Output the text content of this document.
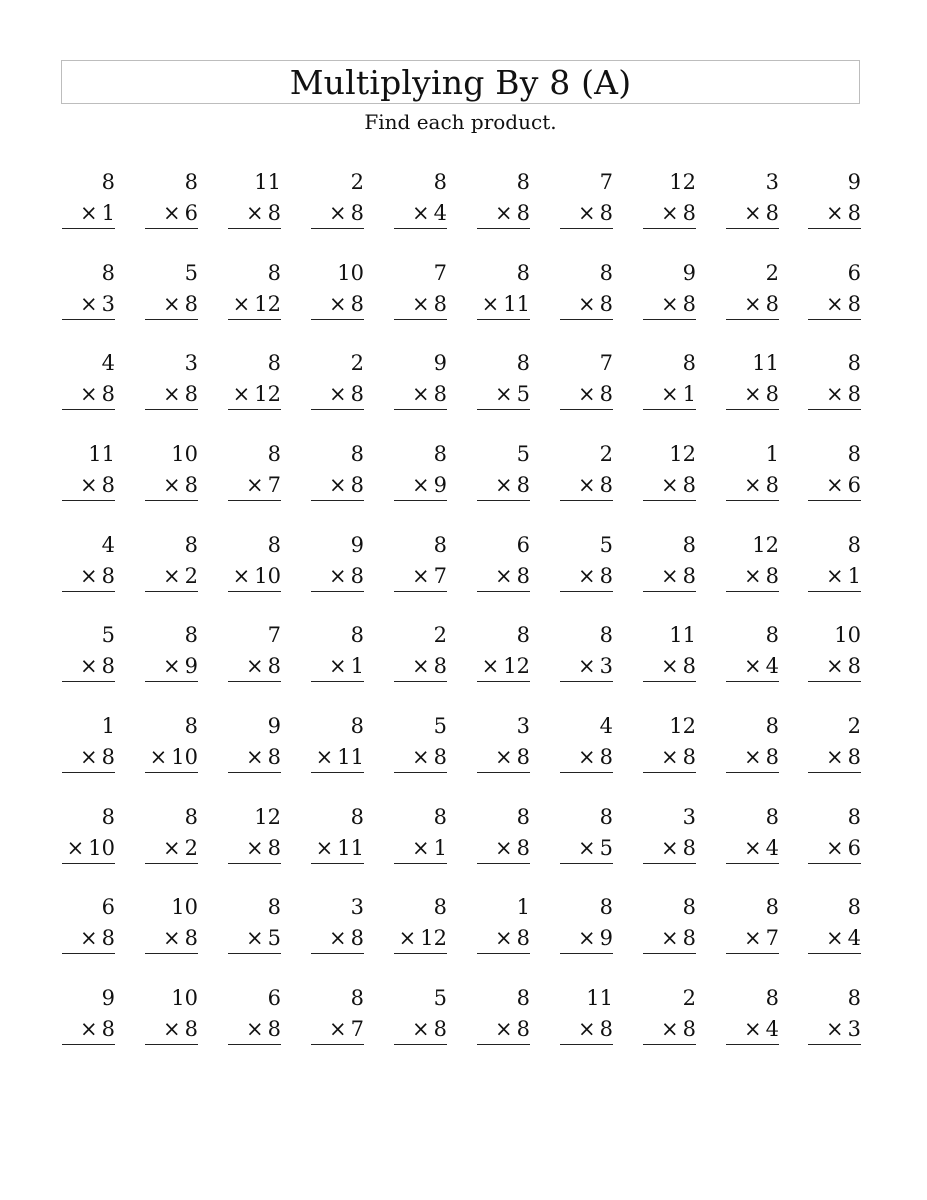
Multiplying By 8 (A)
Find each product.
8
× 1
8
× 6
11
× 8
2
× 8
8
× 4
8
× 8
7
× 8
12
× 8
3
× 8
9
× 8
8
× 3
5
× 8
8
× 12
10
× 8
7
× 8
8
× 11
8
× 8
9
× 8
2
× 8
6
× 8
4
× 8
3
× 8
8
× 12
2
× 8
9
× 8
8
× 5
7
× 8
8
× 1
11
× 8
8
× 8
11
× 8
10
× 8
8
× 7
8
× 8
8
× 9
5
× 8
2
× 8
12
× 8
1
× 8
8
× 6
4
× 8
8
× 2
8
× 10
9
× 8
8
× 7
6
× 8
5
× 8
8
× 8
12
× 8
8
× 1
5
× 8
8
× 9
7
× 8
8
× 1
2
× 8
8
× 12
8
× 3
11
× 8
8
× 4
10
× 8
1
× 8
8
× 10
9
× 8
8
× 11
5
× 8
3
× 8
4
× 8
12
× 8
8
× 8
2
× 8
8
× 10
8
× 2
12
× 8
8
× 11
8
× 1
8
× 8
8
× 5
3
× 8
8
× 4
8
× 6
6
× 8
10
× 8
8
× 5
3
× 8
8
× 12
1
× 8
8
× 9
8
× 8
8
× 7
8
× 4
9
× 8
10
× 8
6
× 8
8
× 7
5
× 8
8
× 8
11
× 8
2
× 8
8
× 4
8
× 3
